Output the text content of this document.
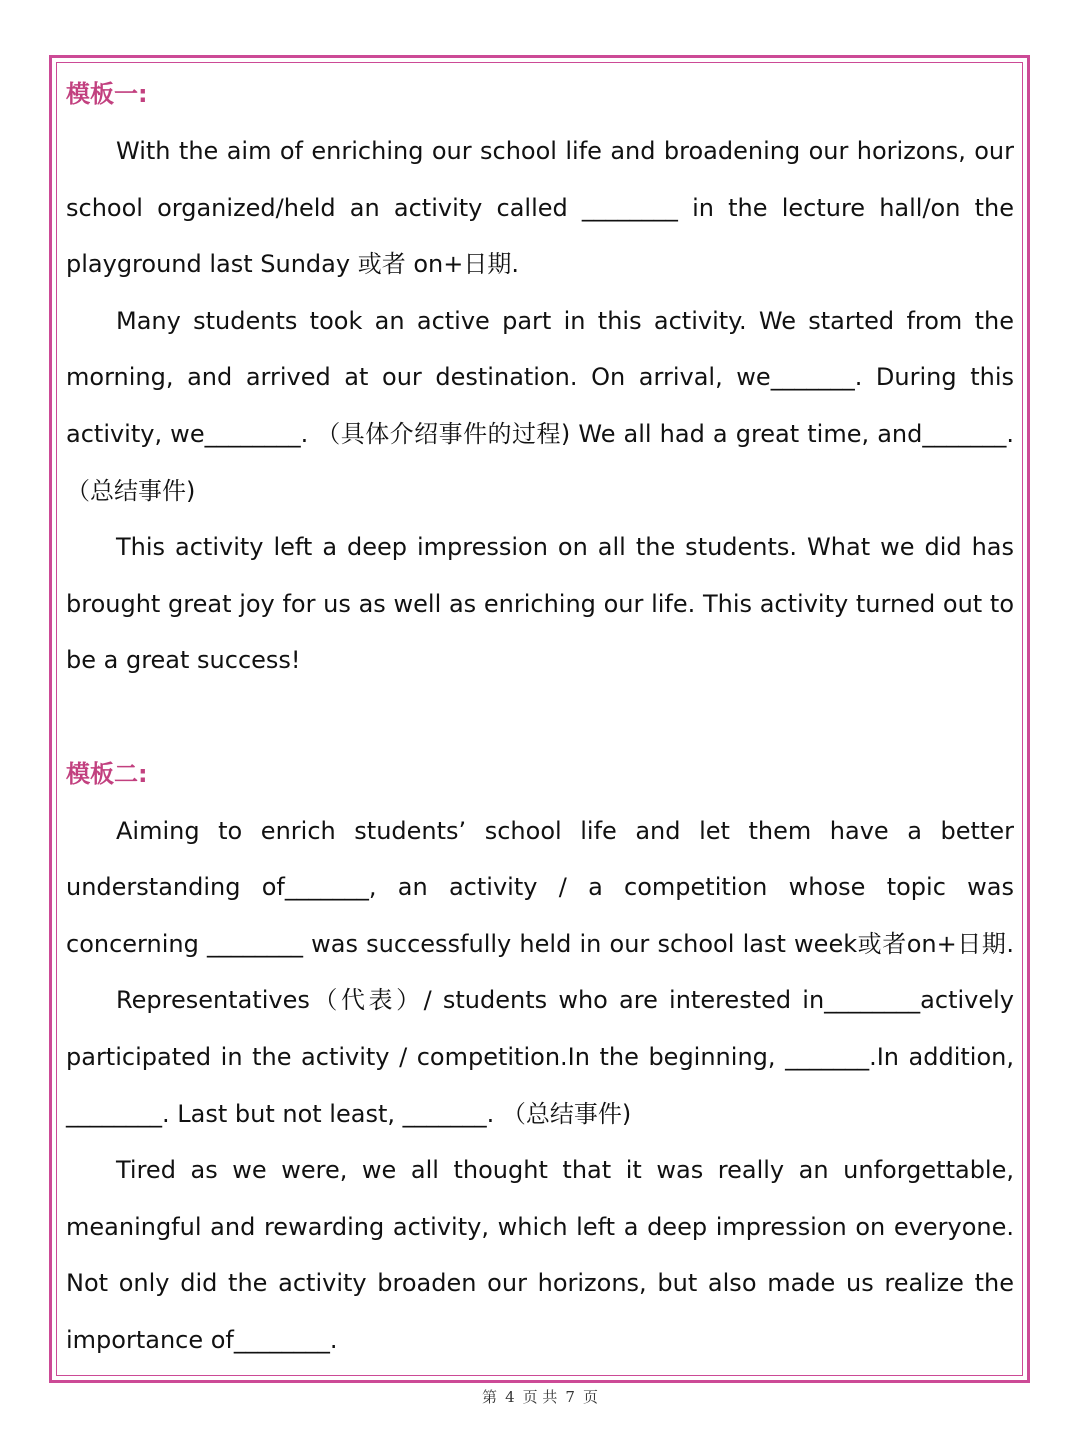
模板一:

With the aim of enriching our school life and broadening our horizons, our

school organized/held an activity called ________ in the lecture hall/on the

playground last Sunday 或者 on+日期.

Many students took an active part in this activity. We started from the

morning, and arrived at our destination. On arrival, we_______. During this

activity, we________. （具体介绍事件的过程) We all had a great time, and_______.

（总结事件)

This activity left a deep impression on all the students. What we did has

brought great joy for us as well as enriching our life. This activity turned out to

be a great success!

模板二:

Aiming to enrich students’ school life and let them have a better

understanding of_______, an activity / a competition whose topic was

concerning ________ was successfully held in our school last week或者on+日期.

Representatives（代表）/ students who are interested in________actively

participated in the activity / competition.In the beginning, _______.In addition,

________. Last but not least, _______. （总结事件)

Tired as we were, we all thought that it was really an unforgettable,

meaningful and rewarding activity, which left a deep impression on everyone.

Not only did the activity broaden our horizons, but also made us realize the

importance of________.

第 4 页 共 7 页
